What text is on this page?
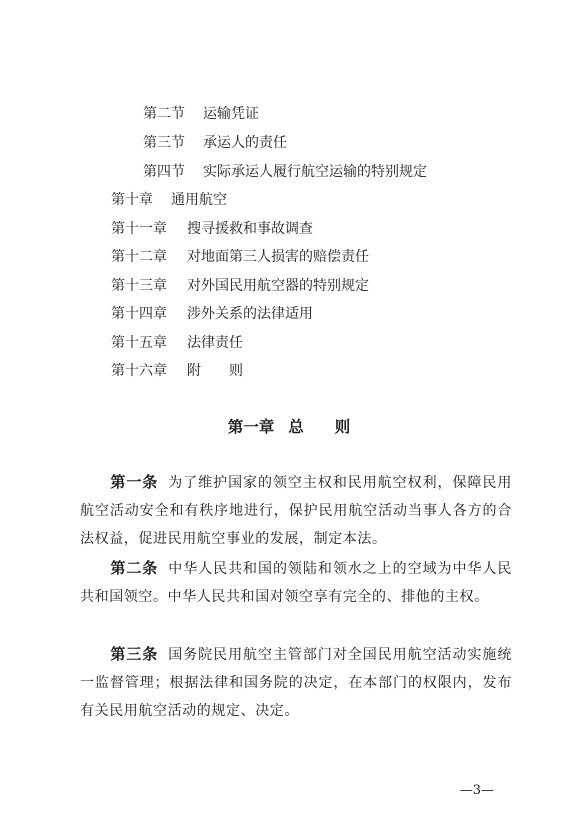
第二节 运输凭证
第三节 承运人的责任
第四节 实际承运人履行航空运输的特别规定
第十章 通用航空
第十一章 搜寻援救和事故调查
第十二章 对地面第三人损害的赔偿责任
第十三章 对外国民用航空器的特别规定
第十四章 涉外关系的法律适用
第十五章 法律责任
第十六章 附　　则
第一章 总　　则
第一条 为了维护国家的领空主权和民用航空权利，保障民用航空活动安全和有秩序地进行，保护民用航空活动当事人各方的合法权益，促进民用航空事业的发展，制定本法。
第二条 中华人民共和国的领陆和领水之上的空域为中华人民共和国领空。中华人民共和国对领空享有完全的、排他的主权。
第三条 国务院民用航空主管部门对全国民用航空活动实施统一监督管理；根据法律和国务院的决定，在本部门的权限内，发布有关民用航空活动的规定、决定。
—3—
